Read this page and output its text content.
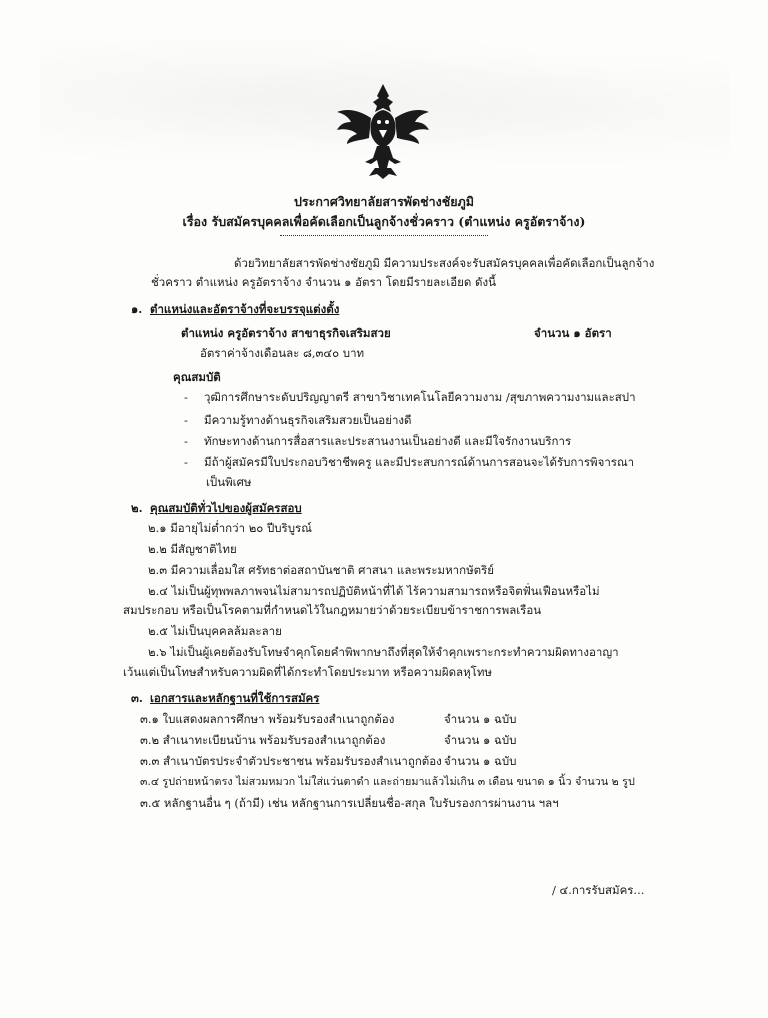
ประกาศวิทยาลัยสารพัดช่างชัยภูมิ
เรื่อง รับสมัครบุคคลเพื่อคัดเลือกเป็นลูกจ้างชั่วคราว (ตำแหน่ง ครูอัตราจ้าง)
ด้วยวิทยาลัยสารพัดช่างชัยภูมิ มีความประสงค์จะรับสมัครบุคคลเพื่อคัดเลือกเป็นลูกจ้าง
ชั่วคราว ตำแหน่ง ครูอัตราจ้าง จำนวน ๑ อัตรา โดยมีรายละเอียด ดังนี้
๑. ตำแหน่งและอัตราจ้างที่จะบรรจุแต่งตั้ง
ตำแหน่ง ครูอัตราจ้าง สาขาธุรกิจเสริมสวย	จำนวน ๑ อัตรา
อัตราค่าจ้างเดือนละ ๘,๓๔๐ บาท
คุณสมบัติ
- วุฒิการศึกษาระดับปริญญาตรี สาขาวิชาเทคโนโลยีความงาม /สุขภาพความงามและสปา
- มีความรู้ทางด้านธุรกิจเสริมสวยเป็นอย่างดี
- ทักษะทางด้านการสื่อสารและประสานงานเป็นอย่างดี และมีใจรักงานบริการ
- มีถ้าผู้สมัครมีใบประกอบวิชาชีพครู และมีประสบการณ์ด้านการสอนจะได้รับการพิจารณา
เป็นพิเศษ
๒. คุณสมบัติทั่วไปของผู้สมัครสอบ
๒.๑ มีอายุไม่ต่ำกว่า ๒๐ ปีบริบูรณ์
๒.๒ มีสัญชาติไทย
๒.๓ มีความเลื่อมใส ศรัทธาต่อสถาบันชาติ ศาสนา และพระมหากษัตริย์
๒.๔ ไม่เป็นผู้ทุพพลภาพจนไม่สามารถปฏิบัติหน้าที่ได้ ไร้ความสามารถหรือจิตฟั่นเฟือนหรือไม่
สมประกอบ หรือเป็นโรคตามที่กำหนดไว้ในกฎหมายว่าด้วยระเบียบข้าราชการพลเรือน
๒.๕ ไม่เป็นบุคคลล้มละลาย
๒.๖ ไม่เป็นผู้เคยต้องรับโทษจำคุกโดยคำพิพากษาถึงที่สุดให้จำคุกเพราะกระทำความผิดทางอาญา
เว้นแต่เป็นโทษสำหรับความผิดที่ได้กระทำโดยประมาท หรือความผิดลหุโทษ
๓. เอกสารและหลักฐานที่ใช้การสมัคร
๓.๑ ใบแสดงผลการศึกษา พร้อมรับรองสำเนาถูกต้อง	จำนวน ๑ ฉบับ
๓.๒ สำเนาทะเบียนบ้าน พร้อมรับรองสำเนาถูกต้อง	จำนวน ๑ ฉบับ
๓.๓ สำเนาบัตรประจำตัวประชาชน พร้อมรับรองสำเนาถูกต้อง จำนวน ๑ ฉบับ
๓.๔ รูปถ่ายหน้าตรง ไม่สวมหมวก ไม่ใส่แว่นตาดำ และถ่ายมาแล้วไม่เกิน ๓ เดือน ขนาด ๑ นิ้ว จำนวน ๒ รูป
๓.๕ หลักฐานอื่น ๆ (ถ้ามี) เช่น หลักฐานการเปลี่ยนชื่อ-สกุล ใบรับรองการผ่านงาน ฯลฯ
/ ๔.การรับสมัคร...
